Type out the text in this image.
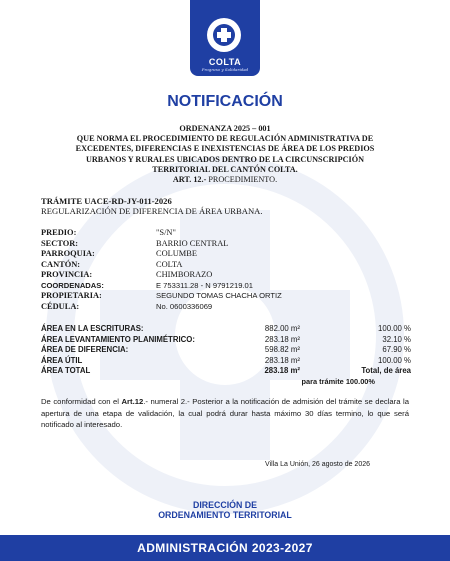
COLTA
Progreso y Solidaridad
NOTIFICACIÓN
ORDENANZA 2025 – 001
QUE NORMA EL PROCEDIMIENTO DE REGULACIÓN ADMINISTRATIVA DE
EXCEDENTES, DIFERENCIAS E INEXISTENCIAS DE ÁREA DE LOS PREDIOS
URBANOS Y RURALES UBICADOS DENTRO DE LA CIRCUNSCRIPCIÓN
TERRITORIAL DEL CANTÓN COLTA.
ART. 12.- PROCEDIMIENTO.
TRÁMITE UACE-RD-JY-011-2026
REGULARIZACIÓN DE DIFERENCIA DE ÁREA URBANA.
PREDIO:	"S/N"
SECTOR:	BARRIO CENTRAL
PARROQUIA:	COLUMBE
CANTÓN:	COLTA
PROVINCIA:	CHIMBORAZO
COORDENADAS:	E 753311.28 - N 9791219.01
PROPIETARIA:	SEGUNDO TOMAS CHACHA ORTIZ
CÉDULA:	No. 0600336069
ÁREA EN LA ESCRITURAS:	882.00 m²	100.00 %
ÁREA LEVANTAMIENTO PLANIMÉTRICO:	283.18 m²	32.10 %
ÁREA DE DIFERENCIA:	598.82 m²	67.90 %
ÁREA ÚTIL	283.18 m²	100.00 %
ÁREA TOTAL	283.18 m²	Total, de área
para trámite 100.00%
De conformidad con el Art.12.- numeral 2.- Posterior a la notificación de admisión del trámite se declara la apertura de una etapa de validación, la cual podrá durar hasta máximo 30 días termino, lo que será notificado al interesado.
Villa La Unión, 26 agosto de 2026
DIRECCIÓN DE
ORDENAMIENTO TERRITORIAL
ADMINISTRACIÓN 2023-2027
